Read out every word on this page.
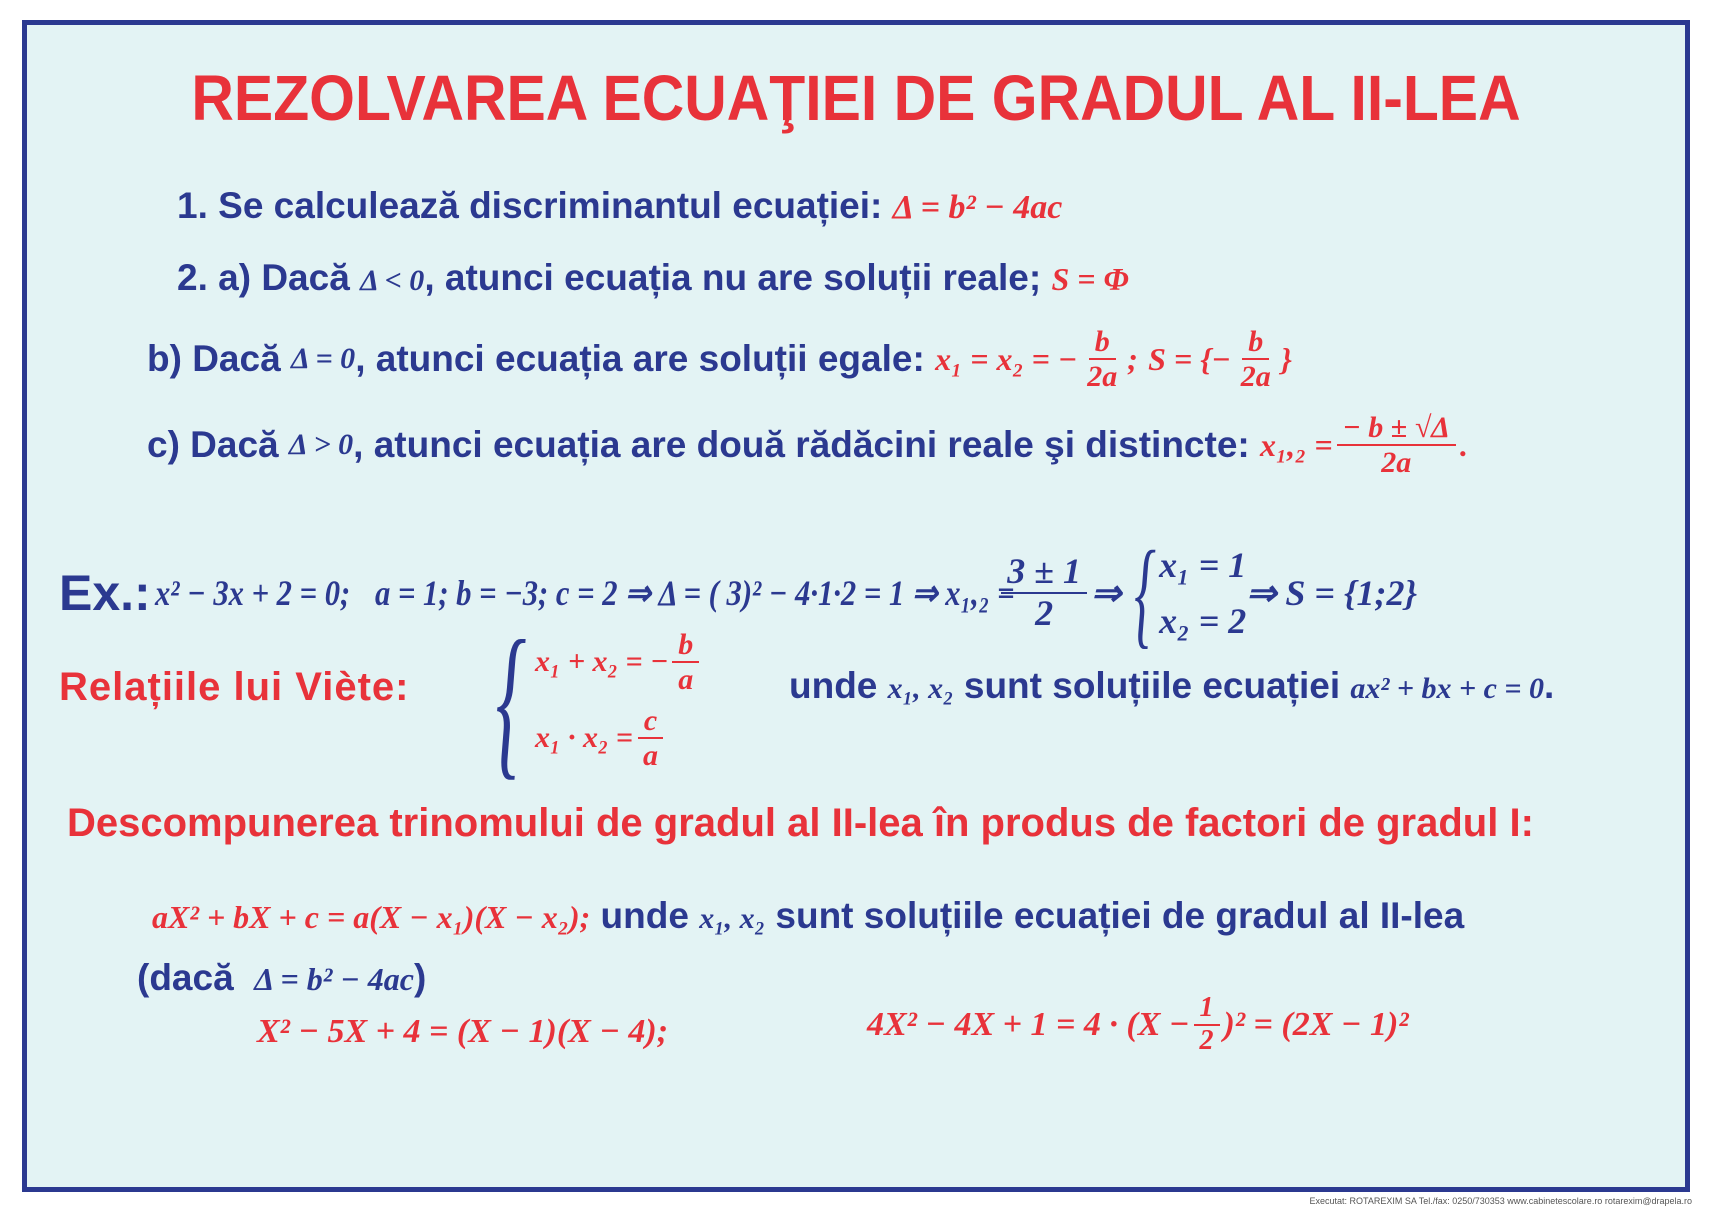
REZOLVAREA ECUAŢIEI DE GRADUL AL II-LEA
1. Se calculează discriminantul ecuației: Δ = b² − 4ac
2. a) Dacă Δ < 0, atunci ecuația nu are soluții reale; S = Φ
b) Dacă
Δ = 0 , atunci ecuația are soluții egale:
x₁ = x₂ = − $\frac{b}{2a}$ ;
S = {− $\frac{b}{2a}$ }
c) Dacă
Δ > 0 , atunci ecuația are două rădăcini reale şi distincte:
$x_1,_2 = \frac{- b \pm √\Delta}{2a}$ .
Ex.:
x² − 3x + 2 = 0; a = 1; b = −3; c = 2 ⇒ Δ = ( 3)² − 4·1·2 = 1 ⇒ x₁,₂ =
$\frac{3 \pm 1}{2}$ ⇒ { x₁ = 1
x₂ = 2
⇒ S = {1;2}
Relațiile lui Viète: { x₁ + x₂ = − $\frac{b}{a}$
$x_1 \cdot x_2 = \frac{c}{a}$
unde x₁, x₂ sunt soluțiile ecuației ax² + bx + c = 0.
Descompunerea trinomului de gradul al II-lea în produs de factori de gradul I:
aX² + bX + c = a(X − x₁)(X − x₂); unde x₁, x₂ sunt soluțiile ecuației de gradul al II-lea
(dacă Δ = b² − 4ac)
X² − 5X + 4 = (X − 1)(X − 4);	$4X^2 - 4X + 1 = 4 \cdot (X - \frac{1}{2} )^2 = (2X - 1)^2$
Executat: ROTAREXIM SA Tel./fax: 0250/730353 www.cabinetescolare.ro rotarexim@drapela.ro
